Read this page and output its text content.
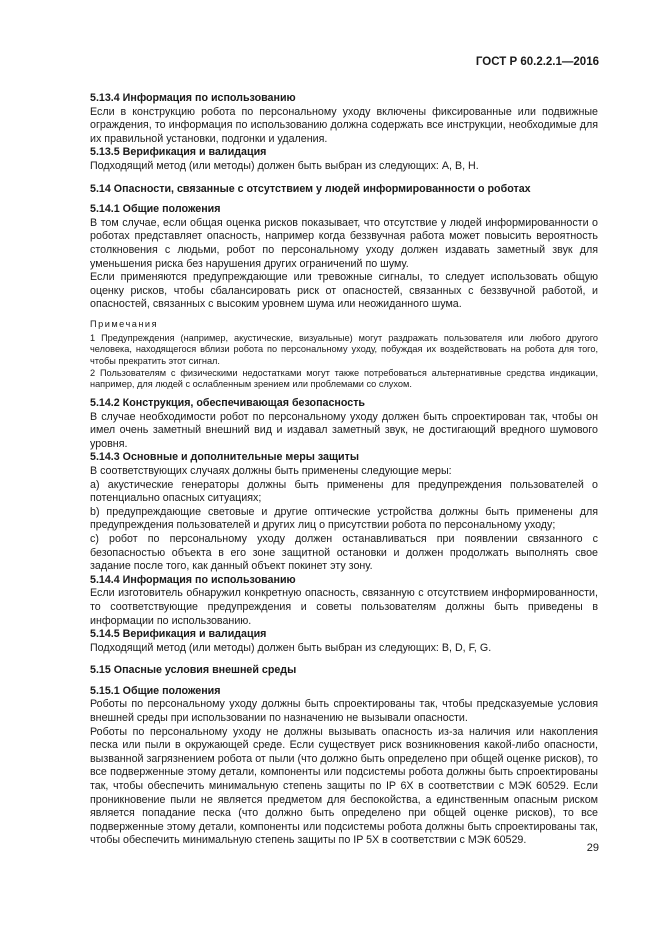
ГОСТ Р 60.2.2.1—2016

5.13.4 Информация по использованию

Если в конструкцию робота по персональному уходу включены фиксированные или подвижные ограждения, то информация по использованию должна содержать все инструкции, необходимые для их правильной установки, подгонки и удаления.

5.13.5 Верификация и валидация

Подходящий метод (или методы) должен быть выбран из следующих: A, B, H.

5.14 Опасности, связанные с отсутствием у людей информированности о роботах

5.14.1 Общие положения

В том случае, если общая оценка рисков показывает, что отсутствие у людей информированности о роботах представляет опасность, например когда беззвучная работа может повысить вероятность столкновения с людьми, робот по персональному уходу должен издавать заметный звук для уменьшения риска без нарушения других ограничений по шуму.

Если применяются предупреждающие или тревожные сигналы, то следует использовать общую оценку рисков, чтобы сбалансировать риск от опасностей, связанных с беззвучной работой, и опасностей, связанных с высоким уровнем шума или неожиданного шума.

Примечания

1 Предупреждения (например, акустические, визуальные) могут раздражать пользователя или любого другого человека, находящегося вблизи робота по персональному уходу, побуждая их воздействовать на робота для того, чтобы прекратить этот сигнал.

2 Пользователям с физическими недостатками могут также потребоваться альтернативные средства индикации, например, для людей с ослабленным зрением или проблемами со слухом.

5.14.2 Конструкция, обеспечивающая безопасность

В случае необходимости робот по персональному уходу должен быть спроектирован так, чтобы он имел очень заметный внешний вид и издавал заметный звук, не достигающий вредного шумового уровня.

5.14.3 Основные и дополнительные меры защиты

В соответствующих случаях должны быть применены следующие меры:

a) акустические генераторы должны быть применены для предупреждения пользователей о потенциально опасных ситуациях;

b) предупреждающие световые и другие оптические устройства должны быть применены для предупреждения пользователей и других лиц о присутствии робота по персональному уходу;

c) робот по персональному уходу должен останавливаться при появлении связанного с безопасностью объекта в его зоне защитной остановки и должен продолжать выполнять свое задание после того, как данный объект покинет эту зону.

5.14.4 Информация по использованию

Если изготовитель обнаружил конкретную опасность, связанную с отсутствием информированности, то соответствующие предупреждения и советы пользователям должны быть приведены в информации по использованию.

5.14.5 Верификация и валидация

Подходящий метод (или методы) должен быть выбран из следующих: B, D, F, G.

5.15 Опасные условия внешней среды

5.15.1 Общие положения

Роботы по персональному уходу должны быть спроектированы так, чтобы предсказуемые условия внешней среды при использовании по назначению не вызывали опасности.

Роботы по персональному уходу не должны вызывать опасность из-за наличия или накопления песка или пыли в окружающей среде. Если существует риск возникновения какой-либо опасности, вызванной загрязнением робота от пыли (что должно быть определено при общей оценке рисков), то все подверженные этому детали, компоненты или подсистемы робота должны быть спроектированы так, чтобы обеспечить минимальную степень защиты по IP 6X в соответствии с МЭК 60529. Если проникновение пыли не является предметом для беспокойства, а единственным опасным риском является попадание песка (что должно быть определено при общей оценке рисков), то все подверженные этому детали, компоненты или подсистемы робота должны быть спроектированы так, чтобы обеспечить минимальную степень защиты по IP 5X в соответствии с МЭК 60529.

29
